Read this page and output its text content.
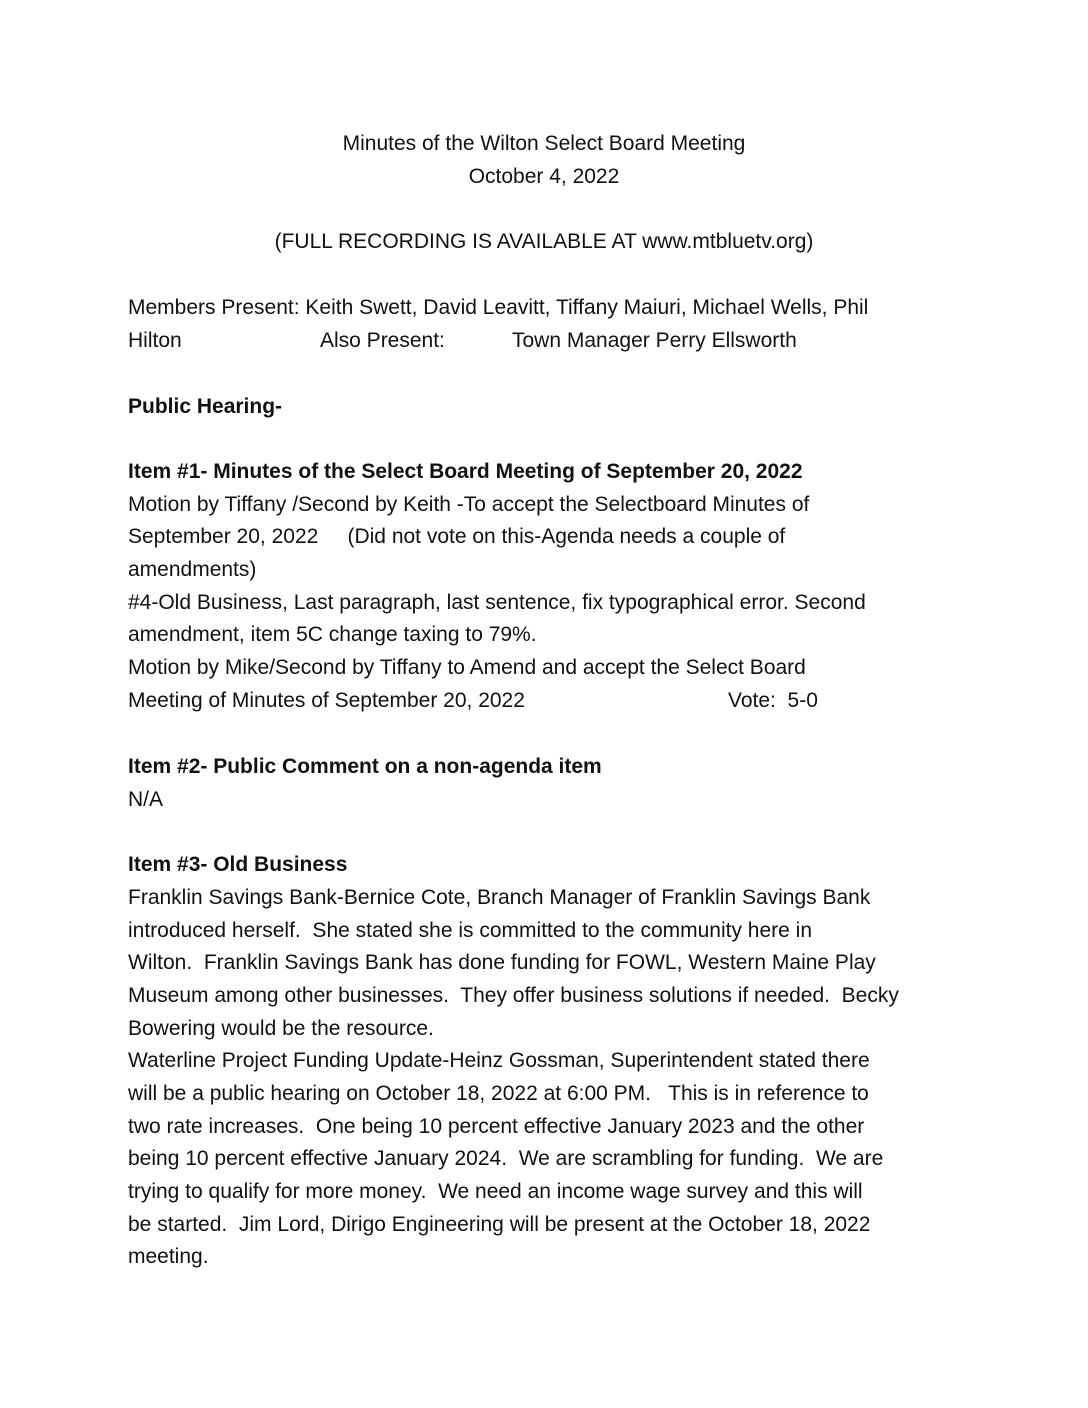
Minutes of the Wilton Select Board Meeting
October 4, 2022
(FULL RECORDING IS AVAILABLE AT www.mtbluetv.org)
Members Present: Keith Swett, David Leavitt, Tiffany Maiuri, Michael Wells, Phil
Hilton	Also Present:	Town Manager Perry Ellsworth
Public Hearing-
Item #1- Minutes of the Select Board Meeting of September 20, 2022
Motion by Tiffany /Second by Keith -To accept the Selectboard Minutes of
September 20, 2022     (Did not vote on this-Agenda needs a couple of
amendments)
#4-Old Business, Last paragraph, last sentence, fix typographical error. Second
amendment, item 5C change taxing to 79%.
Motion by Mike/Second by Tiffany to Amend and accept the Select Board
Meeting of Minutes of September 20, 2022	Vote:  5-0
Item #2- Public Comment on a non-agenda item
N/A
Item #3- Old Business
Franklin Savings Bank-Bernice Cote, Branch Manager of Franklin Savings Bank
introduced herself.  She stated she is committed to the community here in
Wilton.  Franklin Savings Bank has done funding for FOWL, Western Maine Play
Museum among other businesses.  They offer business solutions if needed.  Becky
Bowering would be the resource.
Waterline Project Funding Update-Heinz Gossman, Superintendent stated there
will be a public hearing on October 18, 2022 at 6:00 PM.   This is in reference to
two rate increases.  One being 10 percent effective January 2023 and the other
being 10 percent effective January 2024.  We are scrambling for funding.  We are
trying to qualify for more money.  We need an income wage survey and this will
be started.  Jim Lord, Dirigo Engineering will be present at the October 18, 2022
meeting.
